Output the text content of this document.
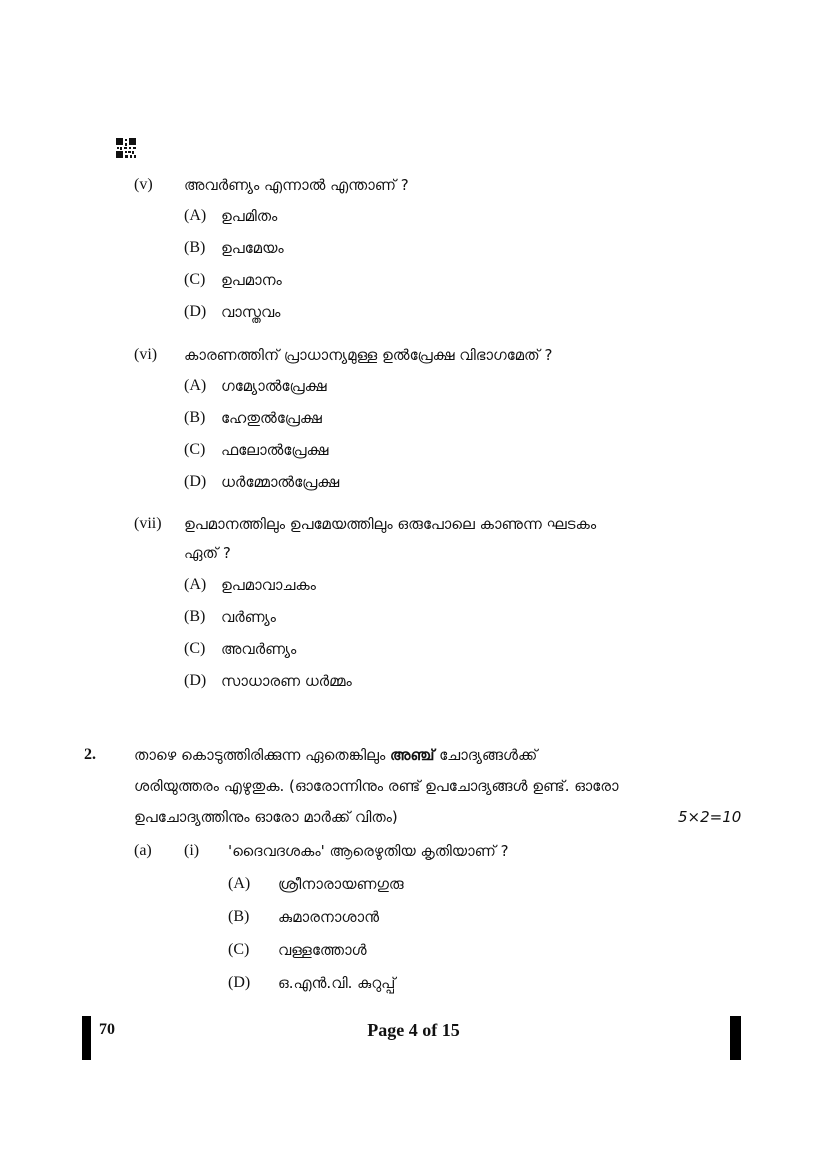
(v) അവർണ്യം എന്നാൽ എന്താണ് ?
(A) ഉപമിതം
(B) ഉപമേയം
(C) ഉപമാനം
(D) വാസ്തവം
(vi) കാരണത്തിന് പ്രാധാന്യമുള്ള ഉൽപ്രേക്ഷ വിഭാഗമേത് ?
(A) ഗമ്യോൽപ്രേക്ഷ
(B) ഹേതുൽപ്രേക്ഷ
(C) ഫലോൽപ്രേക്ഷ
(D) ധർമ്മോൽപ്രേക്ഷ
(vii) ഉപമാനത്തിലും ഉപമേയത്തിലും ഒരുപോലെ കാണുന്ന ഘടകം
ഏത് ?
(A) ഉപമാവാചകം
(B) വർണ്യം
(C) അവർണ്യം
(D) സാധാരണ ധർമ്മം
2.	താഴെ കൊടുത്തിരിക്കുന്ന ഏതെങ്കിലും അഞ്ച് ചോദ്യങ്ങൾക്ക്
ശരിയുത്തരം എഴുതുക. (ഓരോന്നിനും രണ്ട് ഉപചോദ്യങ്ങൾ ഉണ്ട്. ഓരോ
ഉപചോദ്യത്തിനും ഓരോ മാർക്ക് വിതം)	5×2=10
(a) (i) 'ദൈവദശകം' ആരെഴുതിയ കൃതിയാണ് ?
(A) ശ്രീനാരായണഗുരു
(B) കുമാരനാശാൻ
(C) വള്ളത്തോൾ
(D) ഒ.എൻ.വി. കുറുപ്പ്
70	Page 4 of 15
